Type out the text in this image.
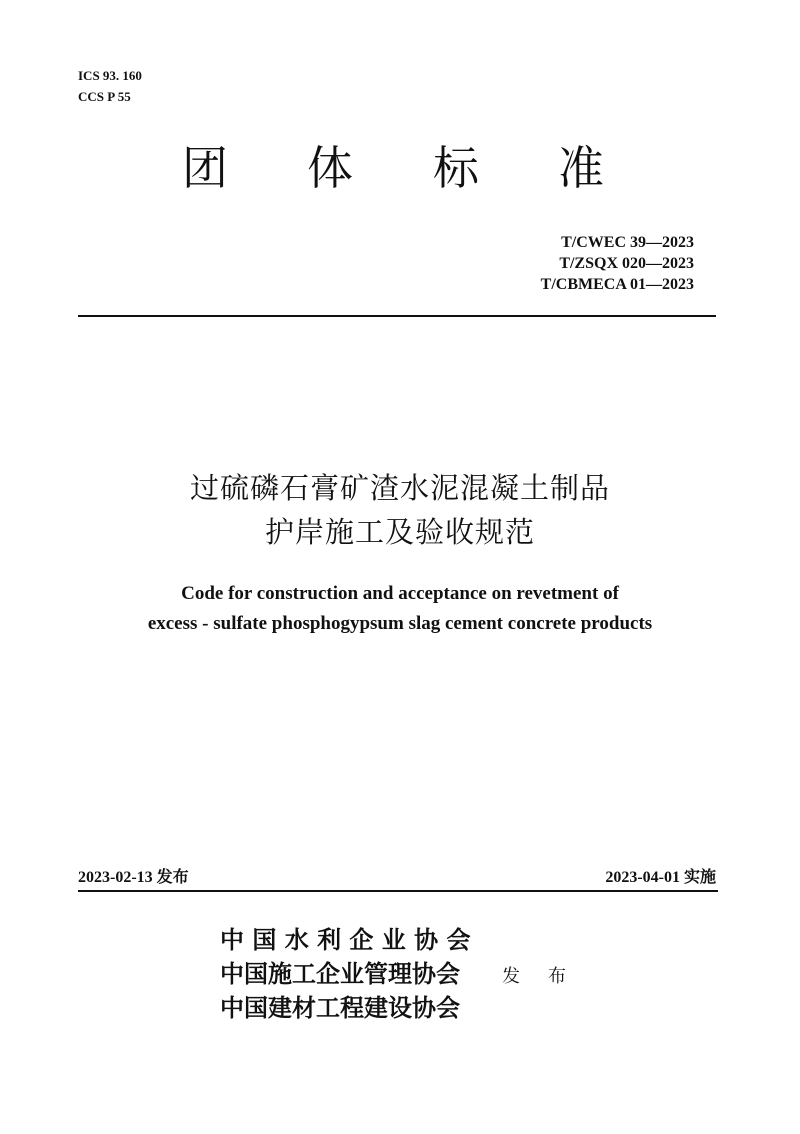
ICS 93. 160
CCS P 55
团 体 标 准
T/CWEC 39—2023
T/ZSQX 020—2023
T/CBMECA 01—2023
过硫磷石膏矿渣水泥混凝土制品
护岸施工及验收规范
Code for construction and acceptance on revetment of
excess - sulfate phosphogypsum slag cement concrete products
2023-02-13 发布	2023-04-01 实施
中 国 水 利 企 业 协 会
中国施工企业管理协会 发 布
中国建材工程建设协会
